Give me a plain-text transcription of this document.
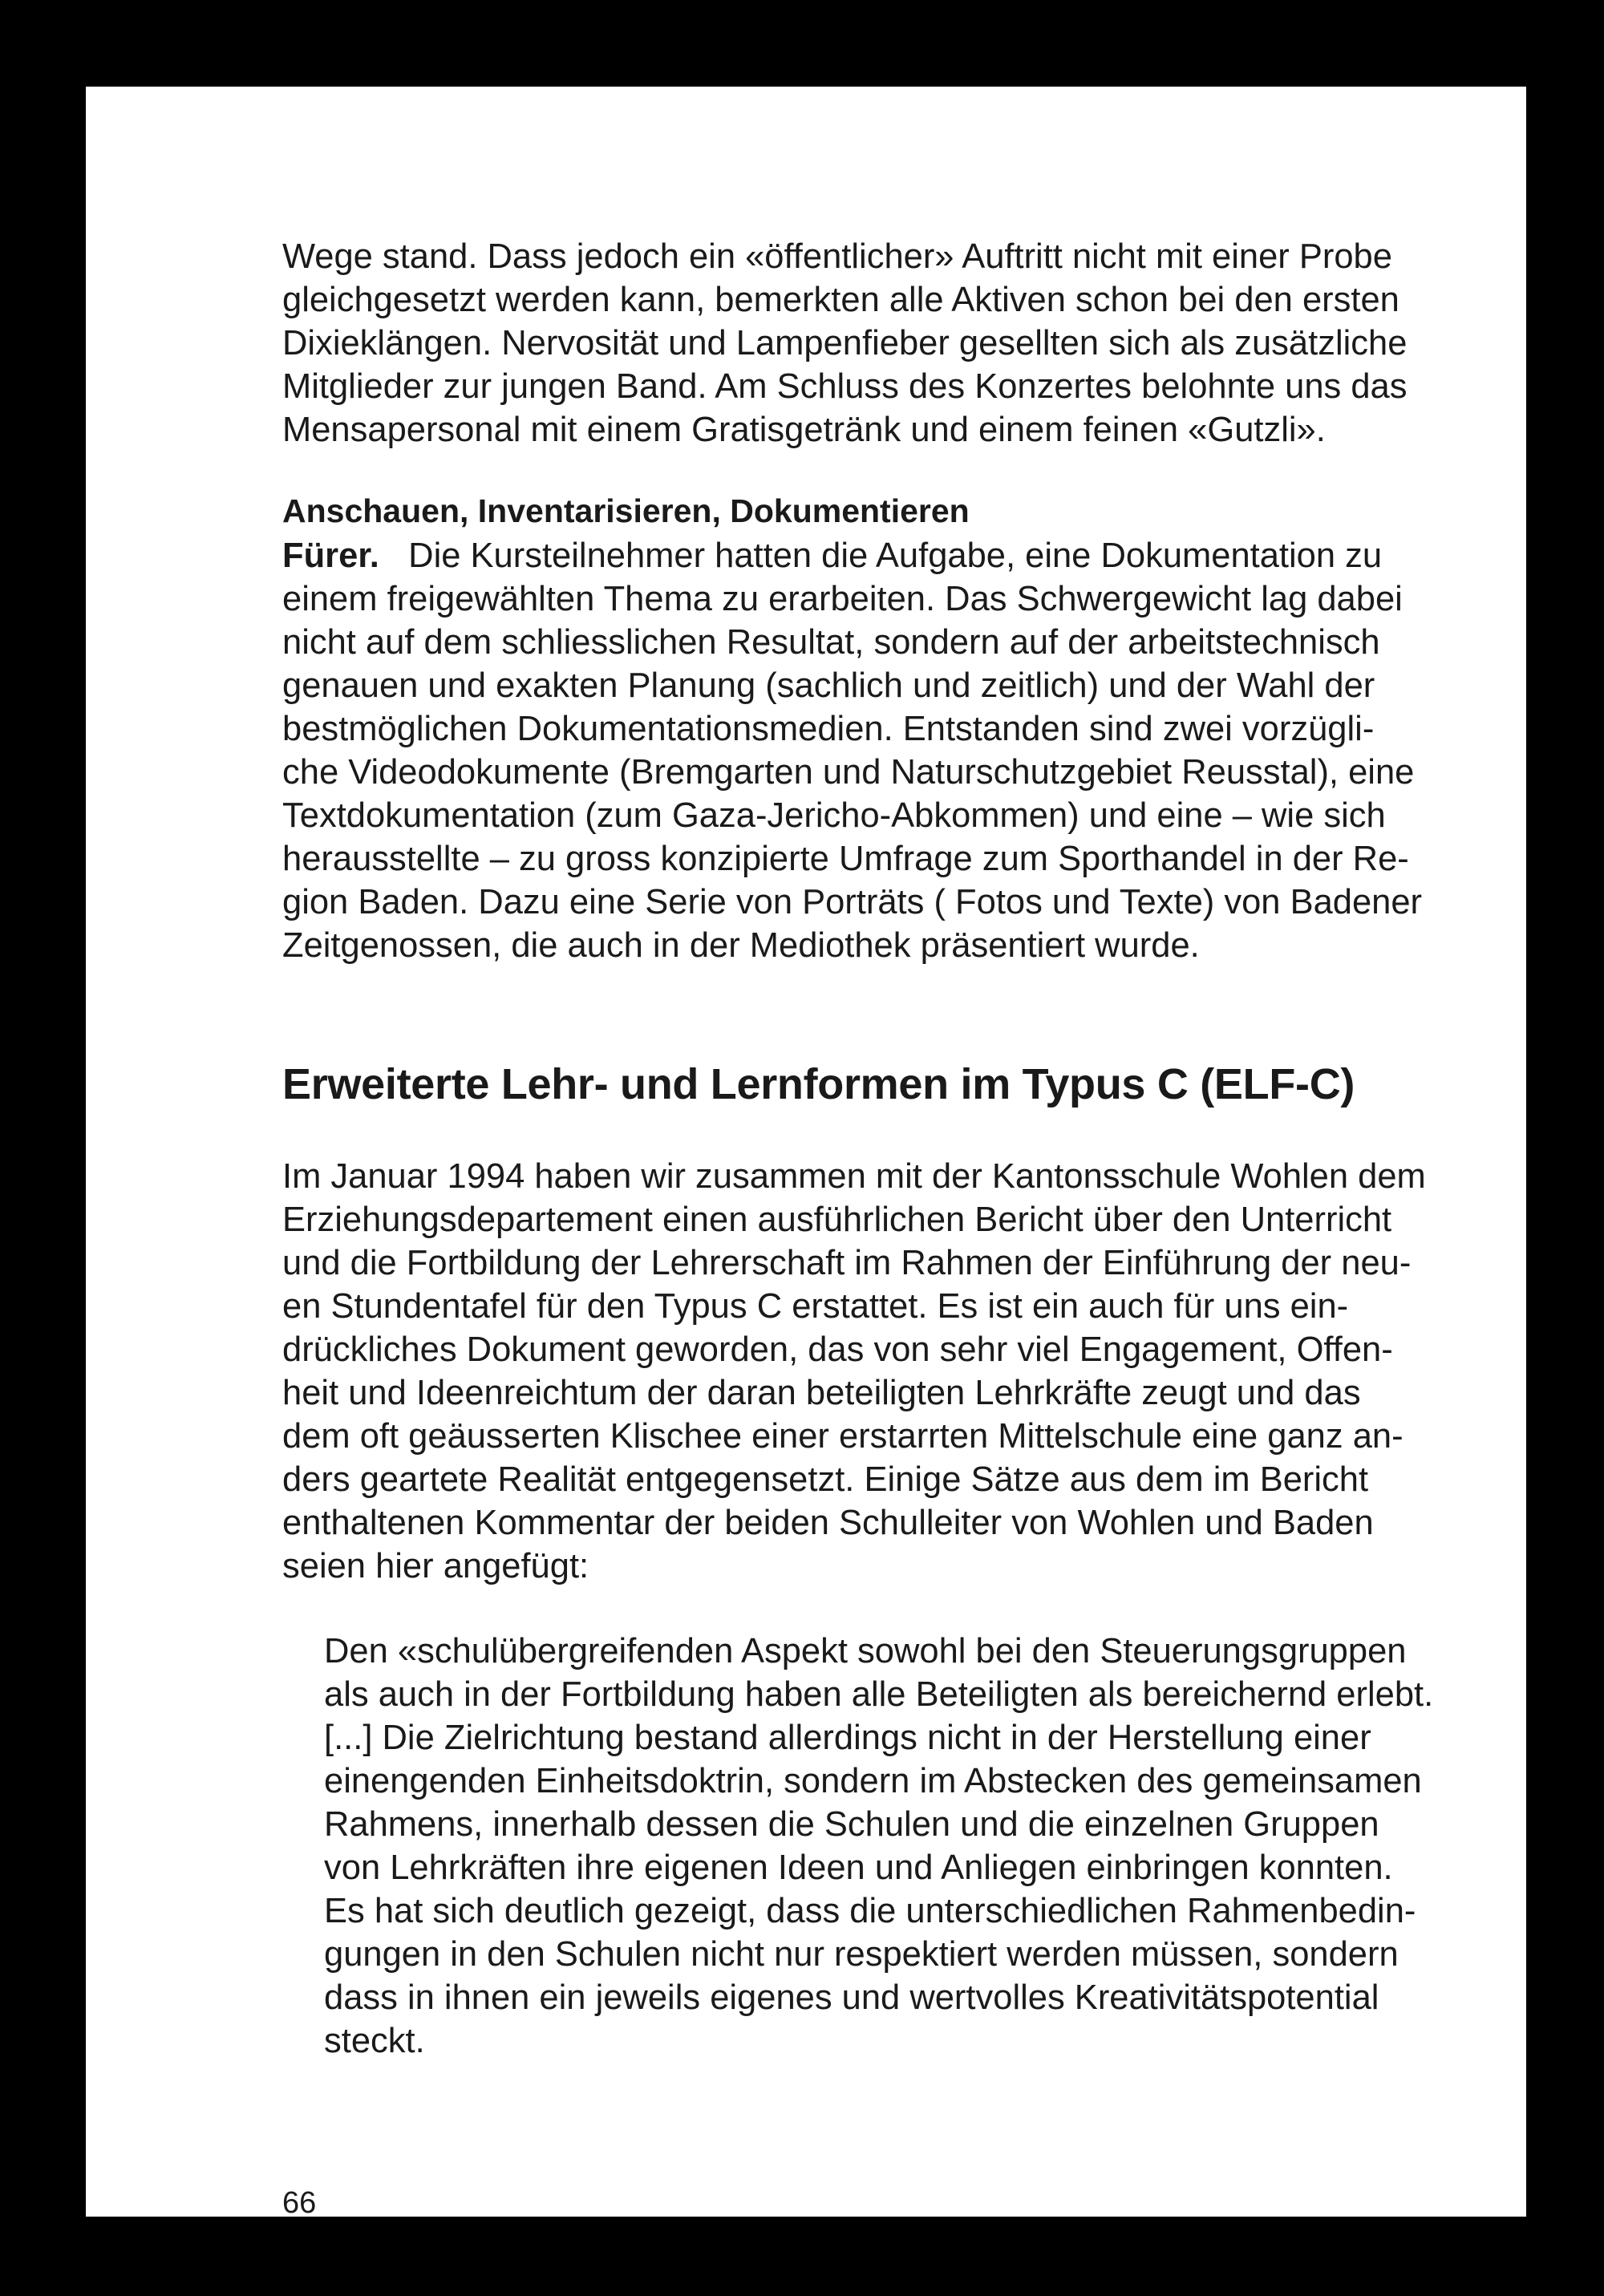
Wege stand. Dass jedoch ein «öffentlicher» Auftritt nicht mit einer Probe

gleichgesetzt werden kann, bemerkten alle Aktiven schon bei den ersten

Dixieklängen. Nervosität und Lampenfieber gesellten sich als zusätzliche

Mitglieder zur jungen Band. Am Schluss des Konzertes belohnte uns das

Mensapersonal mit einem Gratisgetränk und einem feinen «Gutzli».

Anschauen, Inventarisieren, Dokumentieren

Fürer. Die Kursteilnehmer hatten die Aufgabe, eine Dokumentation zu

einem freigewählten Thema zu erarbeiten. Das Schwergewicht lag dabei

nicht auf dem schliesslichen Resultat, sondern auf der arbeitstechnisch

genauen und exakten Planung (sachlich und zeitlich) und der Wahl der

bestmöglichen Dokumentationsmedien. Entstanden sind zwei vorzügli-

che Videodokumente (Bremgarten und Naturschutzgebiet Reusstal), eine

Textdokumentation (zum Gaza-Jericho-Abkommen) und eine – wie sich

herausstellte – zu gross konzipierte Umfrage zum Sporthandel in der Re-

gion Baden. Dazu eine Serie von Porträts ( Fotos und Texte) von Badener

Zeitgenossen, die auch in der Mediothek präsentiert wurde.

Erweiterte Lehr- und Lernformen im Typus C (ELF-C)

Im Januar 1994 haben wir zusammen mit der Kantonsschule Wohlen dem

Erziehungsdepartement einen ausführlichen Bericht über den Unterricht

und die Fortbildung der Lehrerschaft im Rahmen der Einführung der neu-

en Stundentafel für den Typus C erstattet. Es ist ein auch für uns ein-

drückliches Dokument geworden, das von sehr viel Engagement, Offen-

heit und Ideenreichtum der daran beteiligten Lehrkräfte zeugt und das

dem oft geäusserten Klischee einer erstarrten Mittelschule eine ganz an-

ders geartete Realität entgegensetzt. Einige Sätze aus dem im Bericht

enthaltenen Kommentar der beiden Schulleiter von Wohlen und Baden

seien hier angefügt:

Den «schulübergreifenden Aspekt sowohl bei den Steuerungsgruppen

als auch in der Fortbildung haben alle Beteiligten als bereichernd erlebt.

[...] Die Zielrichtung bestand allerdings nicht in der Herstellung einer

einengenden Einheitsdoktrin, sondern im Abstecken des gemeinsamen

Rahmens, innerhalb dessen die Schulen und die einzelnen Gruppen

von Lehrkräften ihre eigenen Ideen und Anliegen einbringen konnten.

Es hat sich deutlich gezeigt, dass die unterschiedlichen Rahmenbedin-

gungen in den Schulen nicht nur respektiert werden müssen, sondern

dass in ihnen ein jeweils eigenes und wertvolles Kreativitätspotential

steckt.

66
